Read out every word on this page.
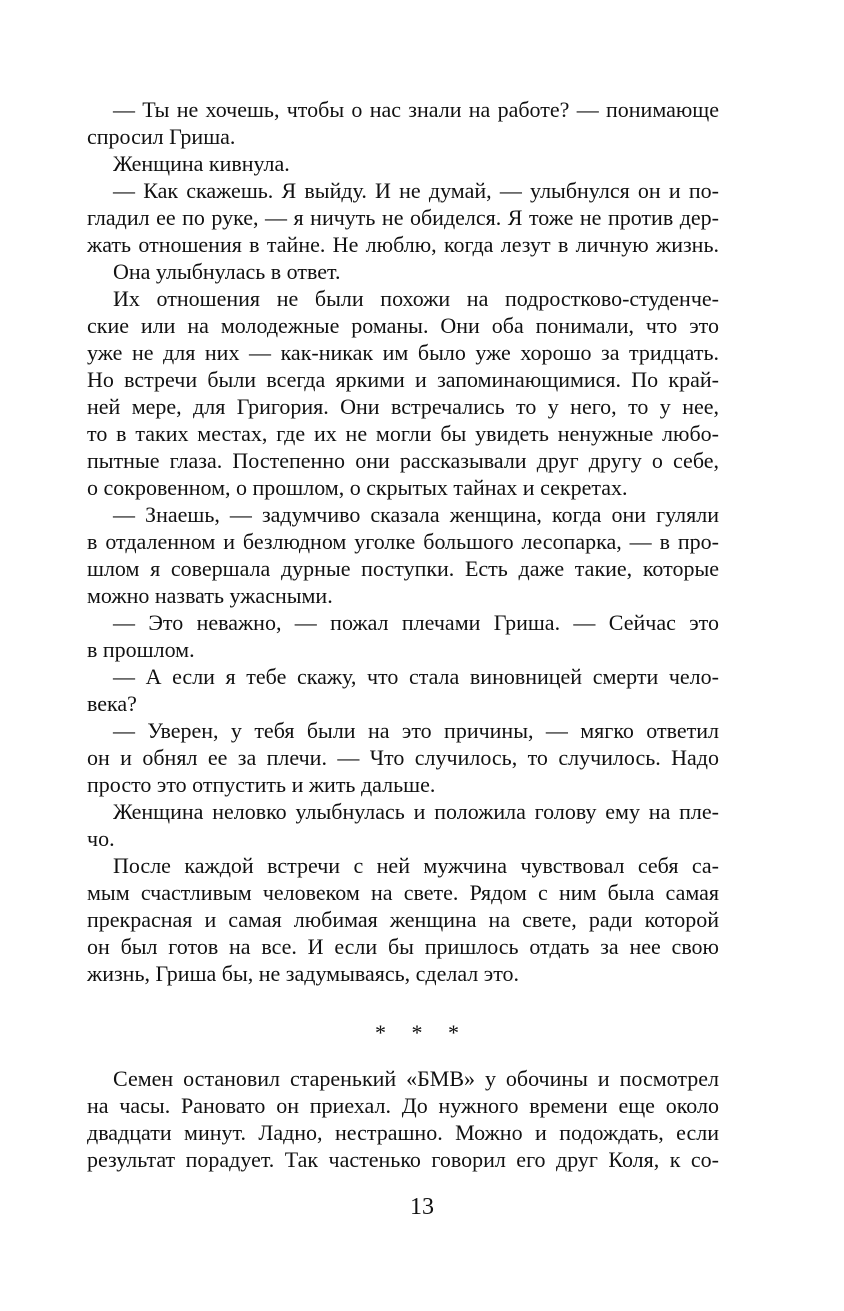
— Ты не хочешь, чтобы о нас знали на работе? — понимающе
спросил Гриша.
Женщина кивнула.
— Как скажешь. Я выйду. И не думай, — улыбнулся он и по-
гладил ее по руке, — я ничуть не обиделся. Я тоже не против дер-
жать отношения в тайне. Не люблю, когда лезут в личную жизнь.
Она улыбнулась в ответ.
Их отношения не были похожи на подростково-студенче-
ские или на молодежные романы. Они оба понимали, что это
уже не для них — как-никак им было уже хорошо за тридцать.
Но встречи были всегда яркими и запоминающимися. По край-
ней мере, для Григория. Они встречались то у него, то у нее,
то в таких местах, где их не могли бы увидеть ненужные любо-
пытные глаза. Постепенно они рассказывали друг другу о себе,
о сокровенном, о прошлом, о скрытых тайнах и секретах.
— Знаешь, — задумчиво сказала женщина, когда они гуляли
в отдаленном и безлюдном уголке большого лесопарка, — в про-
шлом я совершала дурные поступки. Есть даже такие, которые
можно назвать ужасными.
— Это неважно, — пожал плечами Гриша. — Сейчас это
в прошлом.
— А если я тебе скажу, что стала виновницей смерти чело-
века?
— Уверен, у тебя были на это причины, — мягко ответил
он и обнял ее за плечи. — Что случилось, то случилось. Надо
просто это отпустить и жить дальше.
Женщина неловко улыбнулась и положила голову ему на пле-
чо.
После каждой встречи с ней мужчина чувствовал себя са-
мым счастливым человеком на свете. Рядом с ним была самая
прекрасная и самая любимая женщина на свете, ради которой
он был готов на все. И если бы пришлось отдать за нее свою
жизнь, Гриша бы, не задумываясь, сделал это.
* * *
Семен остановил старенький «БМВ» у обочины и посмотрел
на часы. Рановато он приехал. До нужного времени еще около
двадцати минут. Ладно, нестрашно. Можно и подождать, если
результат порадует. Так частенько говорил его друг Коля, к со-
13
